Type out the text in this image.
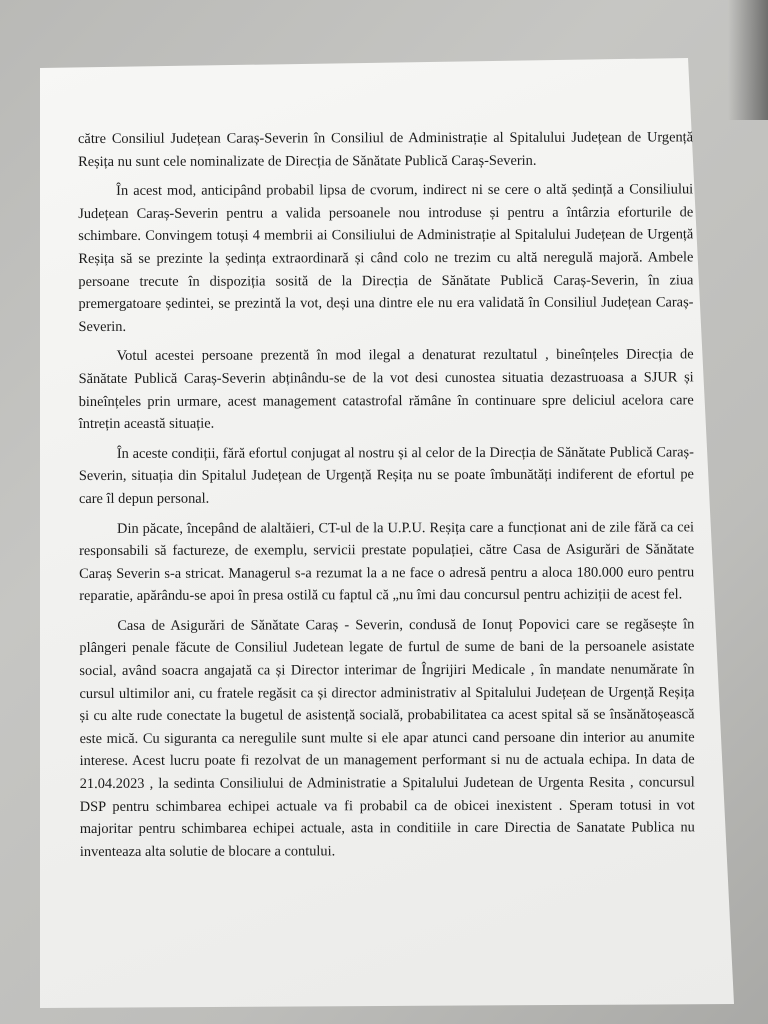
către Consiliul Județean Caraș-Severin în Consiliul de Administrație al Spitalului Județean de Urgență Reșița nu sunt cele nominalizate de Direcția de Sănătate Publică Caraș-Severin.

În acest mod, anticipând probabil lipsa de cvorum, indirect ni se cere o altă ședință a Consiliului Județean Caraș-Severin pentru a valida persoanele nou introduse și pentru a întârzia eforturile de schimbare. Convingem totuși 4 membrii ai Consiliului de Administrație al Spitalului Județean de Urgență Reșița să se prezinte la ședința extraordinară și când colo ne trezim cu altă neregulă majoră. Ambele persoane trecute în dispoziția sosită de la Direcția de Sănătate Publică Caraș-Severin, în ziua premergatoare ședintei, se prezintă la vot, deși una dintre ele nu era validată în Consiliul Județean Caraș-Severin.

Votul acestei persoane prezentă în mod ilegal a denaturat rezultatul , bineînțeles Direcția de Sănătate Publică Caraș-Severin abținându-se de la vot desi cunostea situatia dezastruoasa a SJUR și bineînțeles prin urmare, acest management catastrofal rămâne în continuare spre deliciul acelora care întrețin această situație.

În aceste condiții, fără efortul conjugat al nostru și al celor de la Direcția de Sănătate Publică Caraș-Severin, situația din Spitalul Județean de Urgență Reșița nu se poate îmbunătăți indiferent de efortul pe care îl depun personal.

Din păcate, începând de alaltăieri, CT-ul de la U.P.U. Reșița care a funcționat ani de zile fără ca cei responsabili să factureze, de exemplu, servicii prestate populației, către Casa de Asigurări de Sănătate Caraș Severin s-a stricat. Managerul s-a rezumat la a ne face o adresă pentru a aloca 180.000 euro pentru reparatie, apărându-se apoi în presa ostilă cu faptul că „nu îmi dau concursul pentru achiziții de acest fel.

Casa de Asigurări de Sănătate Caraș - Severin, condusă de Ionuț Popovici care se regăsește în plângeri penale făcute de Consiliul Judetean legate de furtul de sume de bani de la persoanele asistate social, având soacra angajată ca și Director interimar de Îngrijiri Medicale , în mandate nenumărate în cursul ultimilor ani, cu fratele regăsit ca și director administrativ al Spitalului Județean de Urgență Reșița și cu alte rude conectate la bugetul de asistență socială, probabilitatea ca acest spital să se însănătoșească este mică. Cu siguranta ca neregulile sunt multe si ele apar atunci cand persoane din interior au anumite interese. Acest lucru poate fi rezolvat de un management performant si nu de actuala echipa. In data de 21.04.2023 , la sedinta Consiliului de Administratie a Spitalului Judetean de Urgenta Resita , concursul DSP pentru schimbarea echipei actuale va fi probabil ca de obicei inexistent . Speram totusi in vot majoritar pentru schimbarea echipei actuale, asta in conditiile in care Directia de Sanatate Publica nu inventeaza alta solutie de blocare a contului.
